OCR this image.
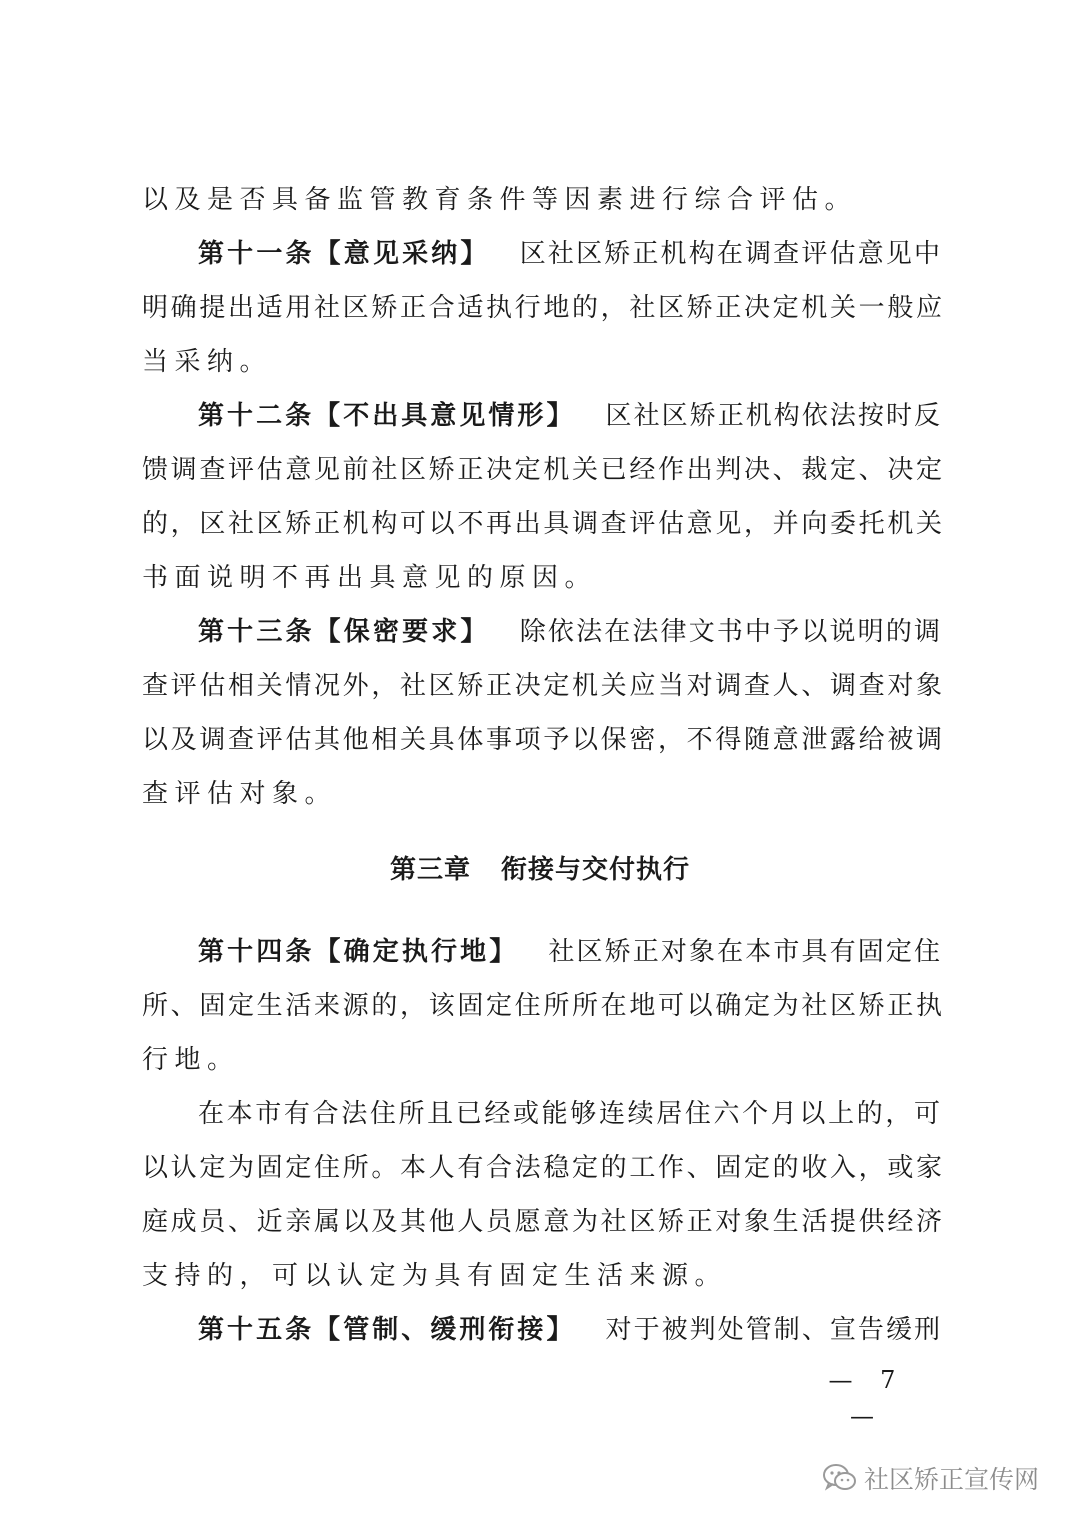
以及是否具备监管教育条件等因素进行综合评估。
第十一条【意见采纳】 区社区矫正机构在调查评估意见中
明确提出适用社区矫正合适执行地的，社区矫正决定机关一般应
当采纳。
第十二条【不出具意见情形】 区社区矫正机构依法按时反
馈调查评估意见前社区矫正决定机关已经作出判决、裁定、决定
的，区社区矫正机构可以不再出具调查评估意见，并向委托机关
书面说明不再出具意见的原因。
第十三条【保密要求】 除依法在法律文书中予以说明的调
查评估相关情况外，社区矫正决定机关应当对调查人、调查对象
以及调查评估其他相关具体事项予以保密，不得随意泄露给被调
查评估对象。
第三章 衔接与交付执行
第十四条【确定执行地】 社区矫正对象在本市具有固定住
所、固定生活来源的，该固定住所所在地可以确定为社区矫正执
行地。
在本市有合法住所且已经或能够连续居住六个月以上的，可
以认定为固定住所。本人有合法稳定的工作、固定的收入，或家
庭成员、近亲属以及其他人员愿意为社区矫正对象生活提供经济
支持的，可以认定为具有固定生活来源。
第十五条【管制、缓刑衔接】 对于被判处管制、宣告缓刑
— 7 —
社区矫正宣传网
